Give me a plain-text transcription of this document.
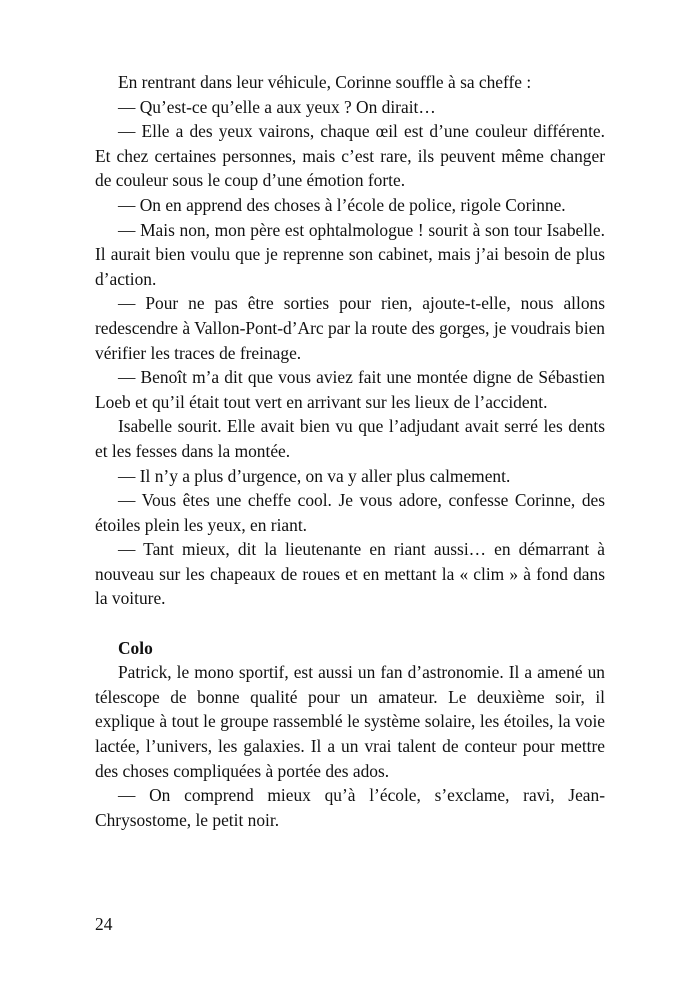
En rentrant dans leur véhicule, Corinne souffle à sa cheffe :

— Qu’est-ce qu’elle a aux yeux ? On dirait…

— Elle a des yeux vairons, chaque œil est d’une couleur différente. Et chez certaines personnes, mais c’est rare, ils peuvent même changer de couleur sous le coup d’une émotion forte.

— On en apprend des choses à l’école de police, rigole Corinne.

— Mais non, mon père est ophtalmologue ! sourit à son tour Isabelle. Il aurait bien voulu que je reprenne son cabinet, mais j’ai besoin de plus d’action.

— Pour ne pas être sorties pour rien, ajoute-t-elle, nous allons redescendre à Vallon-Pont-d’Arc par la route des gorges, je voudrais bien vérifier les traces de freinage.

— Benoît m’a dit que vous aviez fait une montée digne de Sébastien Loeb et qu’il était tout vert en arrivant sur les lieux de l’accident.

Isabelle sourit. Elle avait bien vu que l’adjudant avait serré les dents et les fesses dans la montée.

— Il n’y a plus d’urgence, on va y aller plus calmement.

— Vous êtes une cheffe cool. Je vous adore, confesse Corinne, des étoiles plein les yeux, en riant.

— Tant mieux, dit la lieutenante en riant aussi… en démarrant à nouveau sur les chapeaux de roues et en mettant la « clim » à fond dans la voiture.

Colo

Patrick, le mono sportif, est aussi un fan d’astronomie. Il a amené un télescope de bonne qualité pour un amateur. Le deuxième soir, il explique à tout le groupe rassemblé le système solaire, les étoiles, la voie lactée, l’univers, les galaxies. Il a un vrai talent de conteur pour mettre des choses compliquées à portée des ados.

— On comprend mieux qu’à l’école, s’exclame, ravi, Jean-Chrysostome, le petit noir.

24
